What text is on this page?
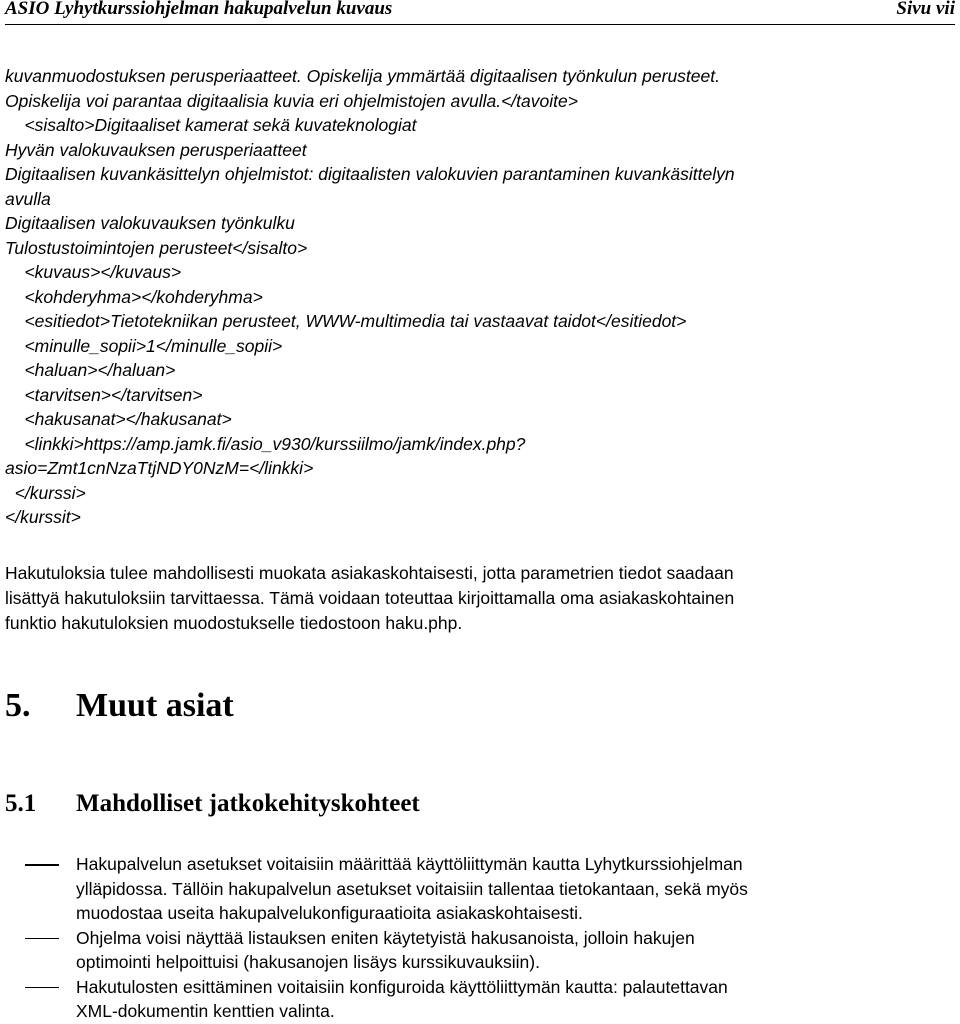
ASIO Lyhytkurssiohjelman hakupalvelun kuvaus	Sivu vii
kuvanmuodostuksen perusperiaatteet. Opiskelija ymmärtää digitaalisen työnkulun perusteet.
Opiskelija voi parantaa digitaalisia kuvia eri ohjelmistojen avulla.</tavoite>
<sisalto>Digitaaliset kamerat sekä kuvateknologiat
Hyvän valokuvauksen perusperiaatteet
Digitaalisen kuvankäsittelyn ohjelmistot: digitaalisten valokuvien parantaminen kuvankäsittelyn
avulla
Digitaalisen valokuvauksen työnkulku
Tulostustoimintojen perusteet</sisalto>
<kuvaus></kuvaus>
<kohderyhma></kohderyhma>
<esitiedot>Tietotekniikan perusteet, WWW-multimedia tai vastaavat taidot</esitiedot>
<minulle_sopii>1</minulle_sopii>
<haluan></haluan>
<tarvitsen></tarvitsen>
<hakusanat></hakusanat>
<linkki>https://amp.jamk.fi/asio_v930/kurssiilmo/jamk/index.php?
asio=Zmt1cnNzaTtjNDY0NzM=</linkki>
</kurssi>
</kurssit>
Hakutuloksia tulee mahdollisesti muokata asiakaskohtaisesti, jotta parametrien tiedot saadaan
lisättyä hakutuloksiin tarvittaessa. Tämä voidaan toteuttaa kirjoittamalla oma asiakaskohtainen
funktio hakutuloksien muodostukselle tiedostoon haku.php.
5. Muut asiat
5.1 Mahdolliset jatkokehityskohteet
Hakupalvelun asetukset voitaisiin määrittää käyttöliittymän kautta Lyhytkurssiohjelman
ylläpidossa. Tällöin hakupalvelun asetukset voitaisiin tallentaa tietokantaan, sekä myös
muodostaa useita hakupalvelukonfiguraatioita asiakaskohtaisesti.
Ohjelma voisi näyttää listauksen eniten käytetyistä hakusanoista, jolloin hakujen
optimointi helpoittuisi (hakusanojen lisäys kurssikuvauksiin).
Hakutulosten esittäminen voitaisiin konfiguroida käyttöliittymän kautta: palautettavan
XML-dokumentin kenttien valinta.
